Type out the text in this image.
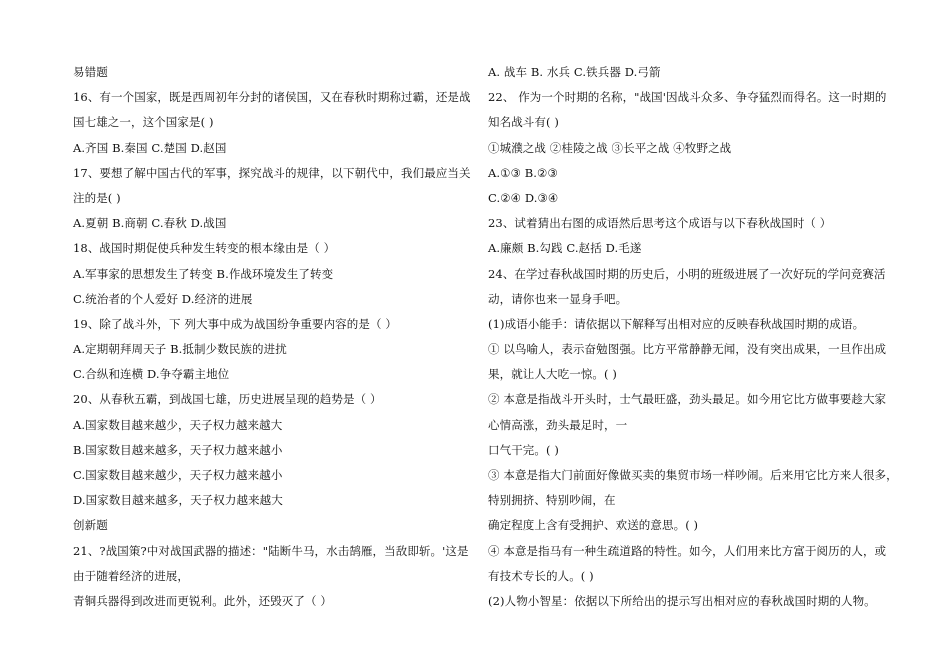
易错题
16、有一个国家，既是西周初年分封的诸侯国，又在春秋时期称过霸，还是战
国七雄之一，这个国家是( )
A.齐国 B.秦国 C.楚国 D.赵国
17、要想了解中国古代的军事，探究战斗的规律，以下朝代中，我们最应当关
注的是( )
A.夏朝 B.商朝 C.春秋 D.战国
18、战国时期促使兵种发生转变的根本缘由是（ ）
A.军事家的思想发生了转变 B.作战环境发生了转变
C.统治者的个人爱好 D.经济的进展
19、除了战斗外，下 列大事中成为战国纷争重要内容的是（ ）
A.定期朝拜周天子 B.抵制少数民族的进扰
C.合纵和连横 D.争夺霸主地位
20、从春秋五霸，到战国七雄，历史进展呈现的趋势是（ ）
A.国家数目越来越少，天子权力越来越大
B.国家数目越来越多，天子权力越来越小
C.国家数目越来越少，天子权力越来越小
D.国家数目越来越多，天子权力越来越大
创新题
21、?战国策?中对战国武器的描述："陆断牛马，水击鹄雁，当敌即斩。'这是
由于随着经济的进展，
青铜兵器得到改进而更锐利。此外，还毁灭了（ ）
A. 战车 B. 水兵 C.铁兵器 D.弓箭
22、 作为一个时期的名称，"战国'因战斗众多、争夺猛烈而得名。这一时期的
知名战斗有( )
①城濮之战 ②桂陵之战 ③长平之战 ④牧野之战
A.①③ B.②③
C.②④ D.③④
23、试着猜出右图的成语然后思考这个成语与以下春秋战国时（ ）
A.廉颇 B.勾践 C.赵括 D.毛遂
24、在学过春秋战国时期的历史后，小明的班级进展了一次好玩的学问竞赛活
动，请你也来一显身手吧。
(1)成语小能手：请依据以下解释写出相对应的反映春秋战国时期的成语。
① 以鸟喻人，表示奋勉图强。比方平常静静无闻，没有突出成果，一旦作出成
果，就让人大吃一惊。( )
② 本意是指战斗开头时，士气最旺盛，劲头最足。如今用它比方做事要趁大家
心情高涨，劲头最足时，一
口气干完。( )
③ 本意是指大门前面好像做买卖的集贸市场一样吵闹。后来用它比方来人很多，
特别拥挤、特别吵闹，在
确定程度上含有受拥护、欢送的意思。( )
④ 本意是指马有一种生疏道路的特性。如今，人们用来比方富于阅历的人，或
有技术专长的人。( )
(2)人物小智星：依据以下所给出的提示写出相对应的春秋战国时期的人物。
